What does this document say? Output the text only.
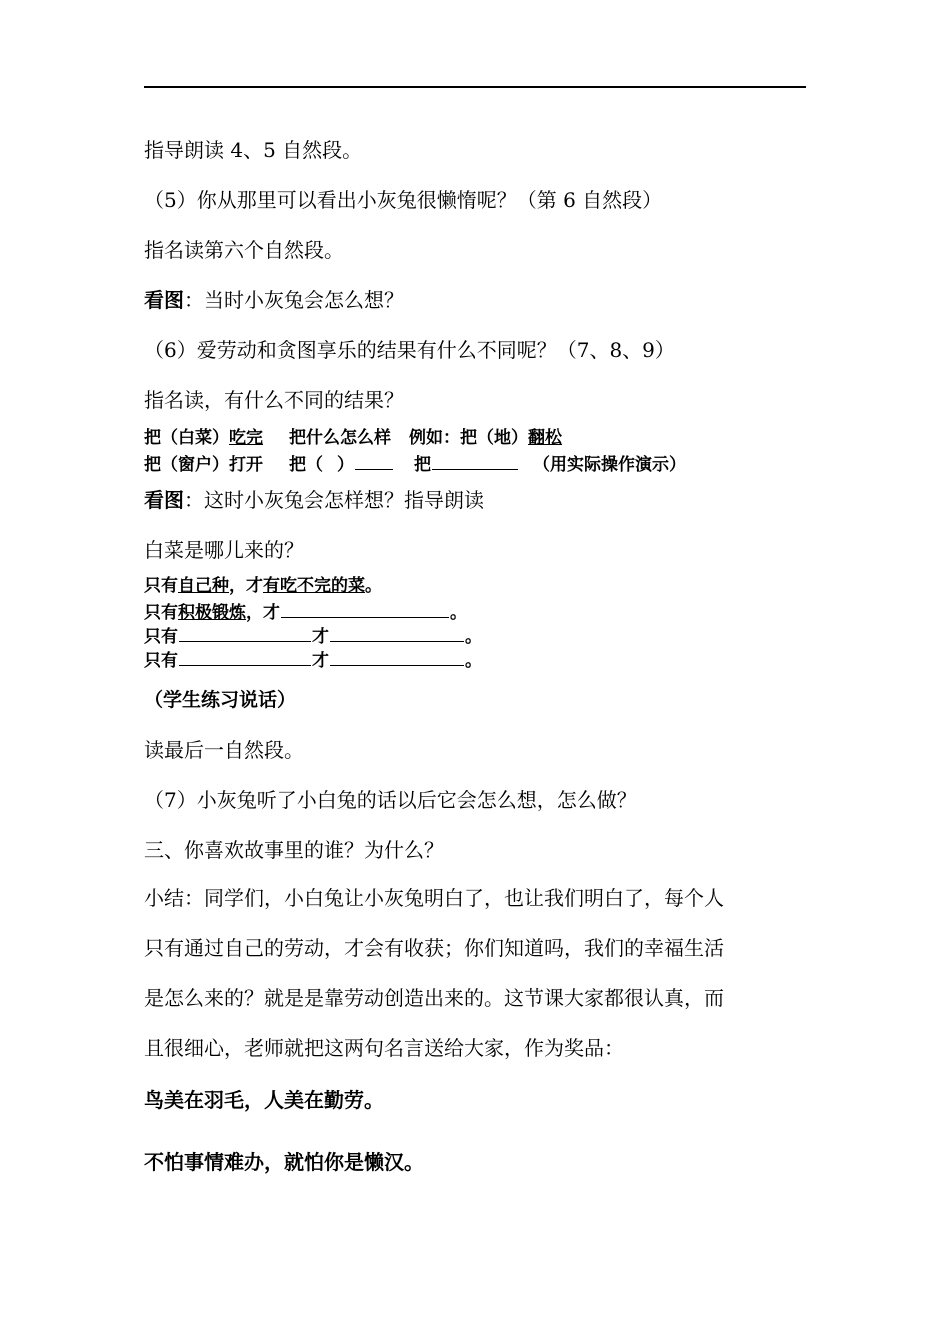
指导朗读 4、5 自然段。
（5）你从那里可以看出小灰兔很懒惰呢？（第 6 自然段）
指名读第六个自然段。
看图：当时小灰兔会怎么想？
（6）爱劳动和贪图享乐的结果有什么不同呢？（7、8、9）
指名读，有什么不同的结果？
把（白菜）吃完 把什么怎么样 例如：把（地）翻松
把（窗户）打开 把（ ）	把	（用实际操作演示）
看图：这时小灰兔会怎样想？指导朗读
白菜是哪儿来的？
只有自己种，才有吃不完的菜。
只有积极锻炼，才	。
只有	才	。
只有	才	。
（学生练习说话）
读最后一自然段。
（7）小灰兔听了小白兔的话以后它会怎么想，怎么做？
三、你喜欢故事里的谁？为什么？
小结：同学们，小白兔让小灰兔明白了，也让我们明白了，每个人
只有通过自己的劳动，才会有收获；你们知道吗，我们的幸福生活
是怎么来的？就是是靠劳动创造出来的。这节课大家都很认真，而
且很细心，老师就把这两句名言送给大家，作为奖品：
鸟美在羽毛，人美在勤劳。
不怕事情难办，就怕你是懒汉。
